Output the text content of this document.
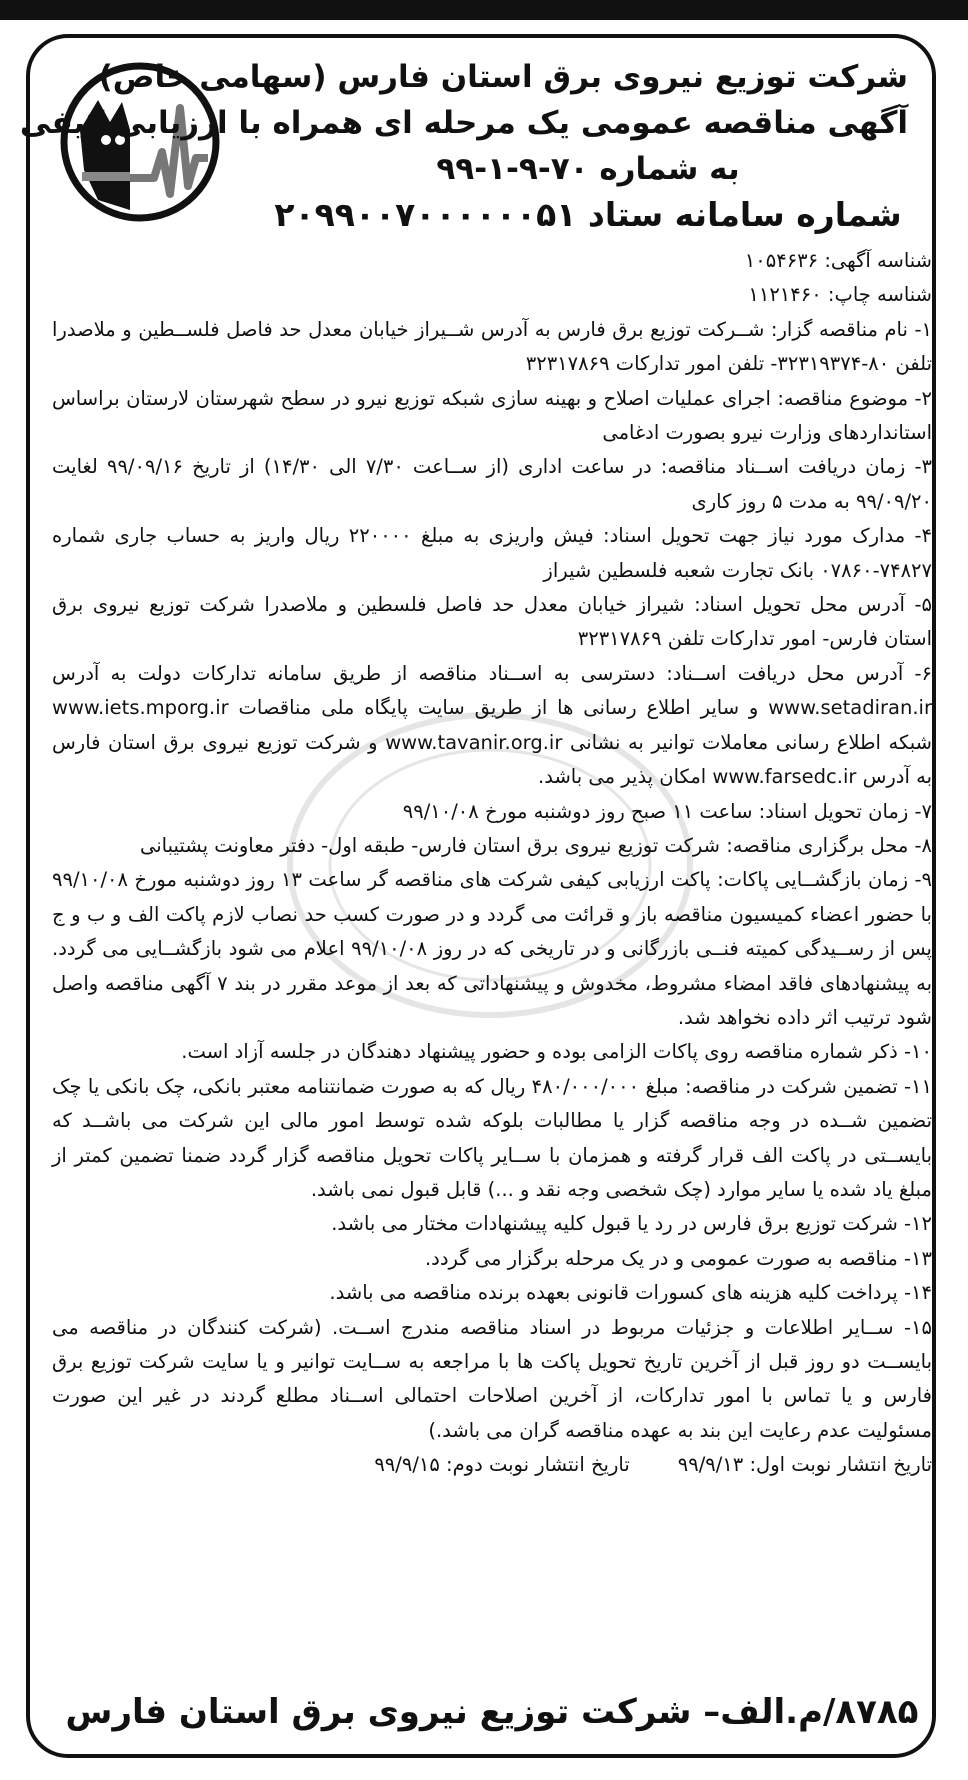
شرکت توزیع نیروی برق استان فارس (سهامی خاص)
آگهی مناقصه عمومی یک مرحله ای همراه با ارزیابی کیفی
به شماره ۷۰-۹-۱-۹۹
شماره سامانه ستاد ۲۰۹۹۰۰۷۰۰۰۰۰۰۵۱

شناسه آگهی: ۱۰۵۴۶۳۶

شناسه چاپ: ۱۱۲۱۴۶۰

۱- نام مناقصه گزار: شــرکت توزیع برق فارس به آدرس شــیراز خیابان معدل حد فاصل فلســطین و ملاصدرا تلفن ۸۰-۳۲۳۱۹۳۷۴- تلفن امور تدارکات ۳۲۳۱۷۸۶۹

۲- موضوع مناقصه: اجرای عملیات اصلاح و بهینه سازی شبکه توزیع نیرو در سطح شهرستان لارستان براساس استانداردهای وزارت نیرو بصورت ادغامی

۳- زمان دریافت اســناد مناقصه: در ساعت اداری (از ســاعت ۷/۳۰ الی ۱۴/۳۰) از تاریخ ۹۹/۰۹/۱۶ لغایت ۹۹/۰۹/۲۰ به مدت ۵ روز کاری

۴- مدارک مورد نیاز جهت تحویل اسناد: فیش واریزی به مبلغ ۲۲۰۰۰۰ ریال واریز به حساب جاری شماره ۷۴۸۲۷-۰۷۸۶۰ بانک تجارت شعبه فلسطین شیراز

۵- آدرس محل تحویل اسناد: شیراز خیابان معدل حد فاصل فلسطین و ملاصدرا شرکت توزیع نیروی برق استان فارس- امور تدارکات تلفن ۳۲۳۱۷۸۶۹

۶- آدرس محل دریافت اســناد: دسترسی به اســناد مناقصه از طریق سامانه تدارکات دولت به آدرس www.setadiran.ir و سایر اطلاع رسانی ها از طریق سایت پایگاه ملی مناقصات www.iets.mporg.ir شبکه اطلاع رسانی معاملات توانیر به نشانی www.tavanir.org.ir و شرکت توزیع نیروی برق استان فارس به آدرس www.farsedc.ir امکان پذیر می باشد.

۷- زمان تحویل اسناد: ساعت ۱۱ صبح روز دوشنبه مورخ ۹۹/۱۰/۰۸

۸- محل برگزاری مناقصه: شرکت توزیع نیروی برق استان فارس- طبقه اول- دفتر معاونت پشتیبانی

۹- زمان بازگشــایی پاکات: پاکت ارزیابی کیفی شرکت های مناقصه گر ساعت ۱۳ روز دوشنبه مورخ ۹۹/۱۰/۰۸ با حضور اعضاء کمیسیون مناقصه باز و قرائت می گردد و در صورت کسب حد نصاب لازم پاکت الف و ب و ج پس از رســیدگی کمیته فنــی بازرگانی و در تاریخی که در روز ۹۹/۱۰/۰۸ اعلام می شود بازگشــایی می گردد. به پیشنهادهای فاقد امضاء مشروط، مخدوش و پیشنهاداتی که بعد از موعد مقرر در بند ۷ آگهی مناقصه واصل شود ترتیب اثر داده نخواهد شد.

۱۰- ذکر شماره مناقصه روی پاکات الزامی بوده و حضور پیشنهاد دهندگان در جلسه آزاد است.

۱۱- تضمین شرکت در مناقصه: مبلغ ۴۸۰/۰۰۰/۰۰۰ ریال که به صورت ضمانتنامه معتبر بانکی، چک بانکی یا چک تضمین شــده در وجه مناقصه گزار یا مطالبات بلوکه شده توسط امور مالی این شرکت می باشــد که بایســتی در پاکت الف قرار گرفته و همزمان با ســایر پاکات تحویل مناقصه گزار گردد ضمنا تضمین کمتر از مبلغ یاد شده یا سایر موارد (چک شخصی وجه نقد و ...) قابل قبول نمی باشد.

۱۲- شرکت توزیع برق فارس در رد یا قبول کلیه پیشنهادات مختار می باشد.

۱۳- مناقصه به صورت عمومی و در یک مرحله برگزار می گردد.

۱۴- پرداخت کلیه هزینه های کسورات قانونی بعهده برنده مناقصه می باشد.

۱۵- ســایر اطلاعات و جزئیات مربوط در اسناد مناقصه مندرج اســت. (شرکت کنندگان در مناقصه می بایســت دو روز قبل از آخرین تاریخ تحویل پاکت ها با مراجعه به ســایت توانیر و یا سایت شرکت توزیع برق فارس و یا تماس با امور تدارکات، از آخرین اصلاحات احتمالی اســناد مطلع گردند در غیر این صورت مسئولیت عدم رعایت این بند به عهده مناقصه گران می باشد.)

تاریخ انتشار نوبت اول: ۹۹/۹/۱۳
تاریخ انتشار نوبت دوم: ۹۹/۹/۱۵
۸۷۸۵/م.الف– شرکت توزیع نیروی برق استان فارس
